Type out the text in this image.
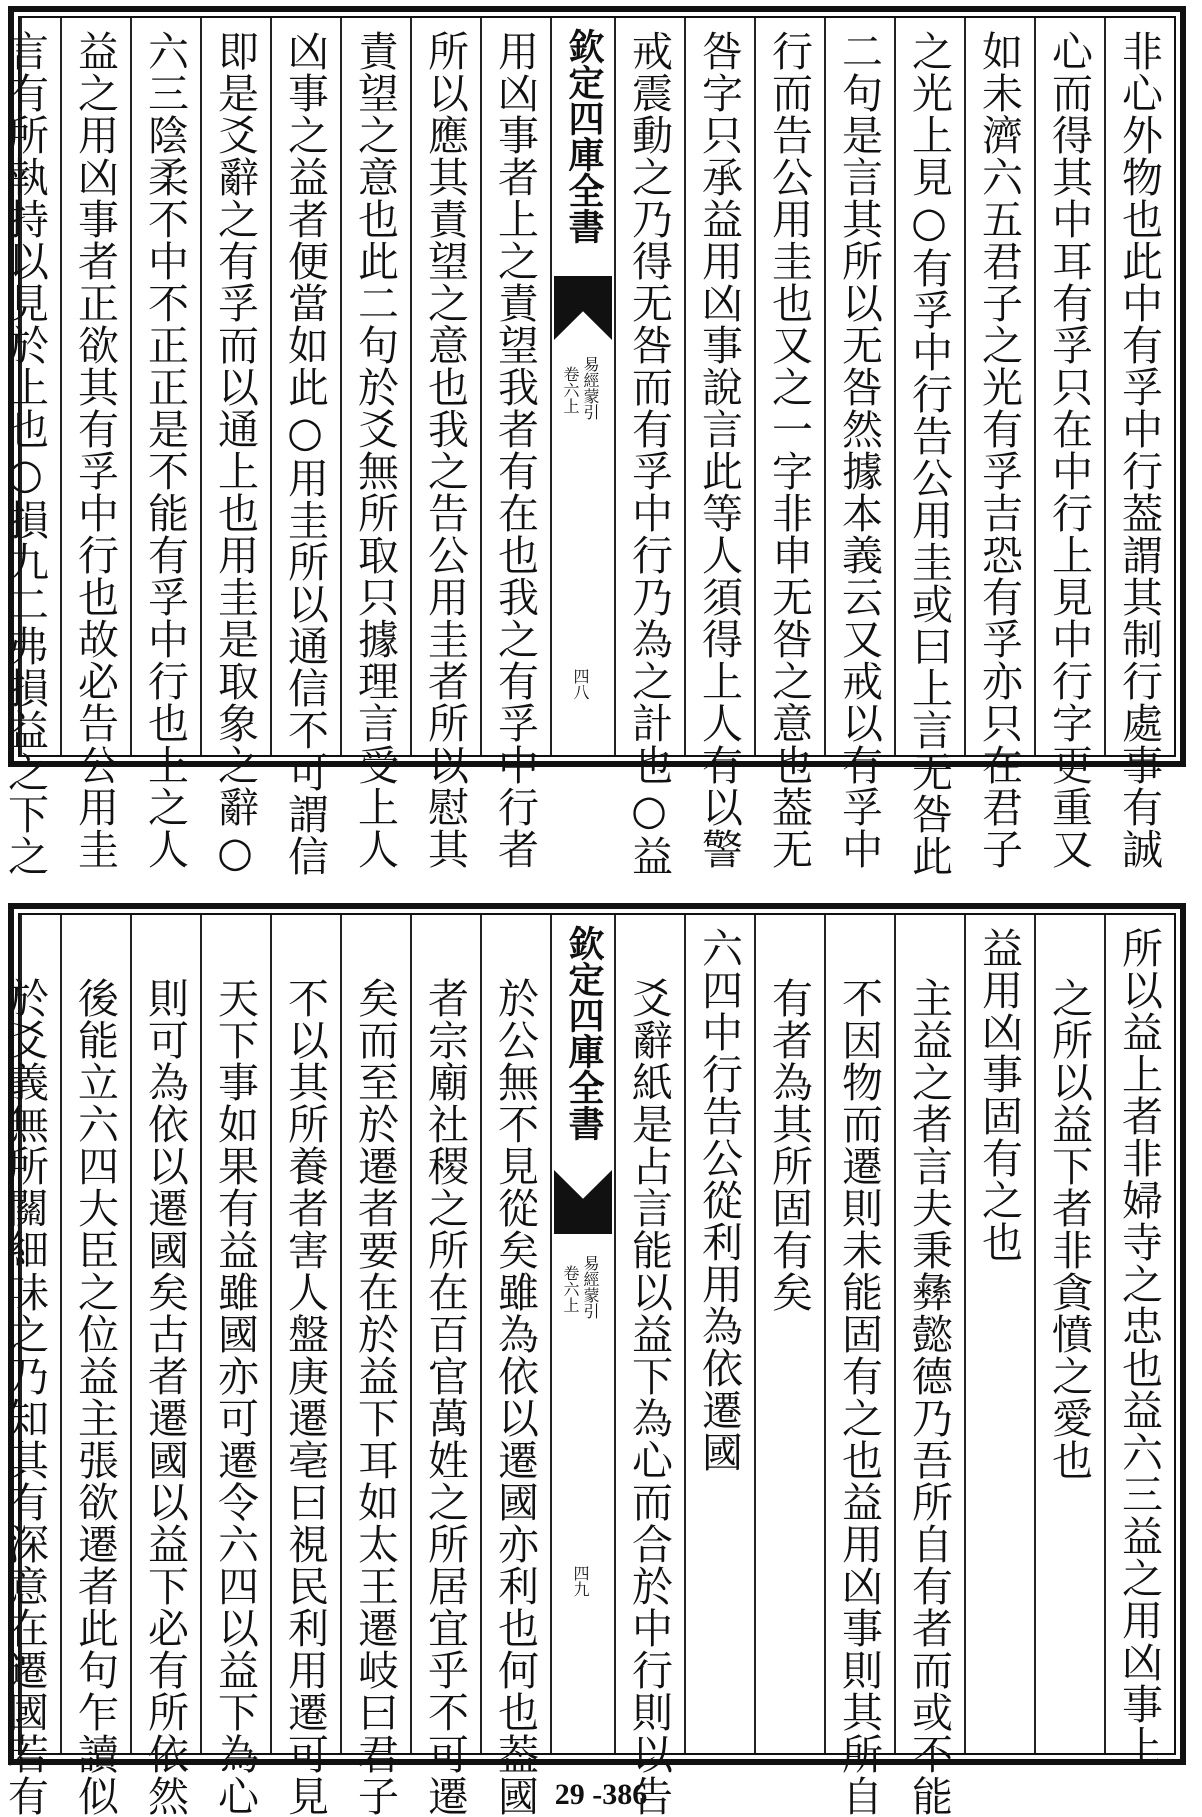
非心外物也此中有孚中行葢謂其制行處事有誠
心而得其中耳有孚只在中行上見中行字更重又
如未濟六五君子之光有孚吉恐有孚亦只在君子
之光上見○有孚中行告公用圭或曰上言无咎此
二句是言其所以无咎然據本義云又戒以有孚中
行而告公用圭也又之一字非申无咎之意也葢无
咎字只承益用凶事說言此等人須得上人有以警
戒震動之乃得无咎而有孚中行乃為之計也○益
欽定四庫全書
易經蒙引
卷六上
四八
用凶事者上之責望我者有在也我之有孚中行者
所以應其責望之意也我之告公用圭者所以慰其
責望之意也此二句於爻無所取只據理言受上人
凶事之益者便當如此○用圭所以通信不可謂信
即是爻辭之有孚而以通上也用圭是取象之辭○
六三陰柔不中不正正是不能有孚中行也上之人
益之用凶事者正欲其有孚中行也故必告公用圭
言有所執持以見於上也○損九二弗損益之下之
所以益上者非婦寺之忠也益六三益之用凶事上
之所以益下者非貪憤之愛也
益用凶事固有之也
主益之者言夫秉彝懿德乃吾所自有者而或不能
不因物而遷則未能固有之也益用凶事則其所自
有者為其所固有矣
六四中行告公從利用為依遷國
爻辭紙是占言能以益下為心而合於中行則以告
欽定四庫全書
易經蒙引
卷六上
四九
於公無不見從矣雖為依以遷國亦利也何也葢國
者宗廟社稷之所在百官萬姓之所居宜乎不可遷
矣而至於遷者要在於益下耳如太王遷岐曰君子
不以其所養者害人盤庚遷亳曰視民利用遷可見
天下事如果有益雖國亦可遷令六四以益下為心
則可為依以遷國矣古者遷國以益下必有所依然
後能立六四大臣之位益主張欲遷者此句乍讀似
於爻義無所關細味之乃知其有深意在遷國若有	29 -386
